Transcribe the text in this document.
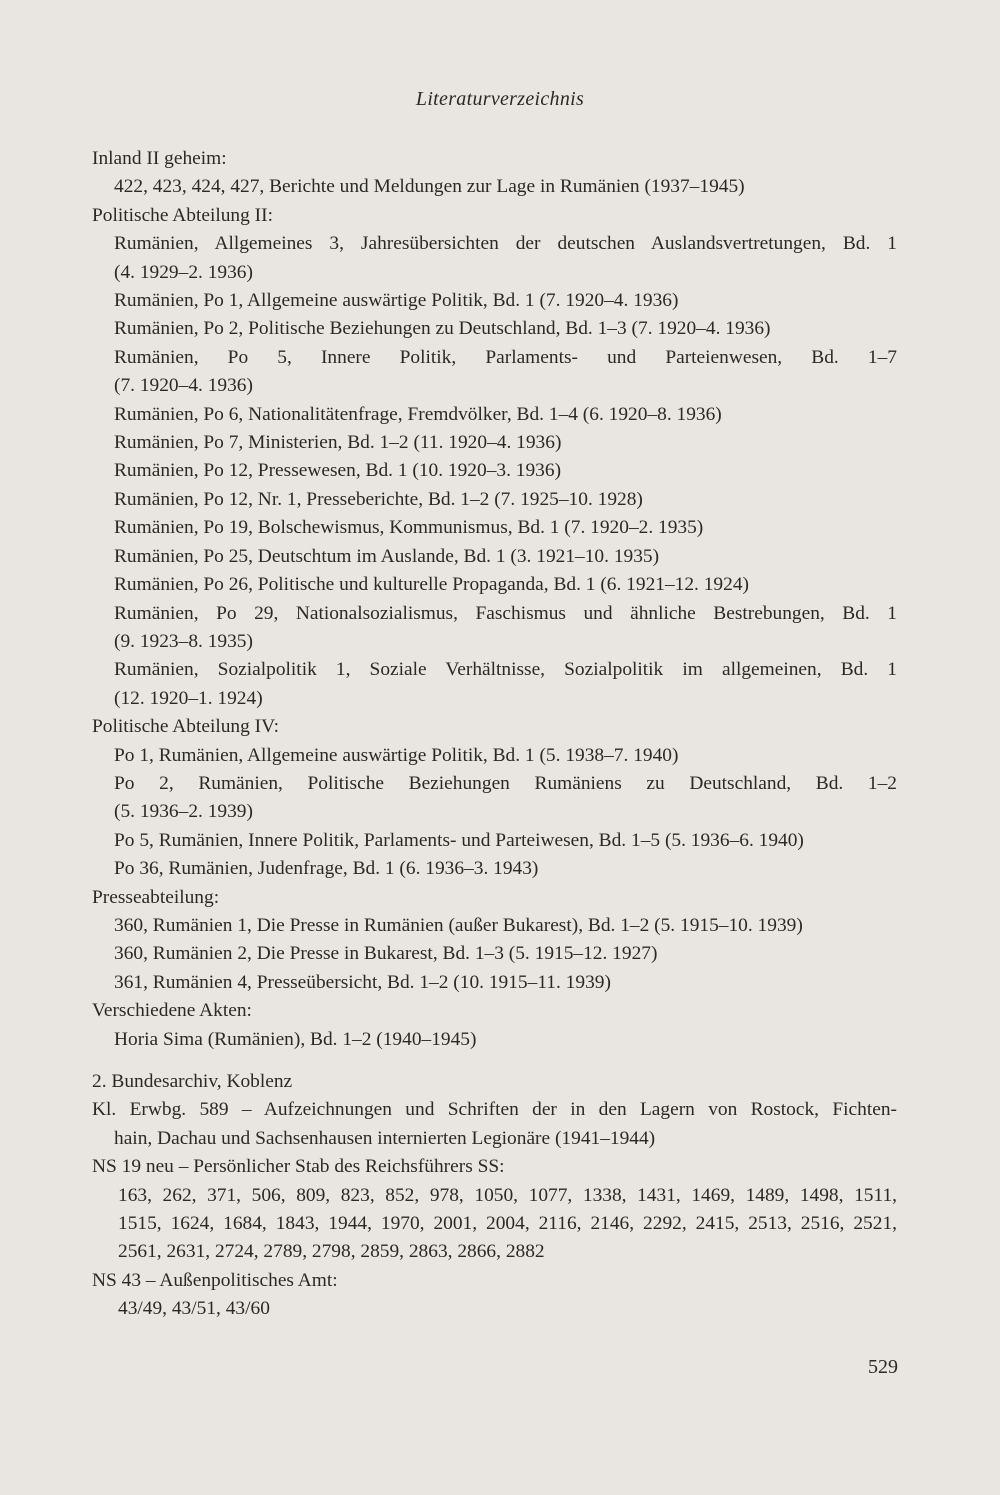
Literaturverzeichnis
Inland II geheim:
422, 423, 424, 427, Berichte und Meldungen zur Lage in Rumänien (1937–1945)
Politische Abteilung II:
Rumänien, Allgemeines 3, Jahresübersichten der deutschen Auslandsvertretungen, Bd. 1
(4. 1929–2. 1936)
Rumänien, Po 1, Allgemeine auswärtige Politik, Bd. 1 (7. 1920–4. 1936)
Rumänien, Po 2, Politische Beziehungen zu Deutschland, Bd. 1–3 (7. 1920–4. 1936)
Rumänien, Po 5, Innere Politik, Parlaments- und Parteienwesen, Bd. 1–7
(7. 1920–4. 1936)
Rumänien, Po 6, Nationalitätenfrage, Fremdvölker, Bd. 1–4 (6. 1920–8. 1936)
Rumänien, Po 7, Ministerien, Bd. 1–2 (11. 1920–4. 1936)
Rumänien, Po 12, Pressewesen, Bd. 1 (10. 1920–3. 1936)
Rumänien, Po 12, Nr. 1, Presseberichte, Bd. 1–2 (7. 1925–10. 1928)
Rumänien, Po 19, Bolschewismus, Kommunismus, Bd. 1 (7. 1920–2. 1935)
Rumänien, Po 25, Deutschtum im Auslande, Bd. 1 (3. 1921–10. 1935)
Rumänien, Po 26, Politische und kulturelle Propaganda, Bd. 1 (6. 1921–12. 1924)
Rumänien, Po 29, Nationalsozialismus, Faschismus und ähnliche Bestrebungen, Bd. 1
(9. 1923–8. 1935)
Rumänien, Sozialpolitik 1, Soziale Verhältnisse, Sozialpolitik im allgemeinen, Bd. 1
(12. 1920–1. 1924)
Politische Abteilung IV:
Po 1, Rumänien, Allgemeine auswärtige Politik, Bd. 1 (5. 1938–7. 1940)
Po 2, Rumänien, Politische Beziehungen Rumäniens zu Deutschland, Bd. 1–2
(5. 1936–2. 1939)
Po 5, Rumänien, Innere Politik, Parlaments- und Parteiwesen, Bd. 1–5 (5. 1936–6. 1940)
Po 36, Rumänien, Judenfrage, Bd. 1 (6. 1936–3. 1943)
Presseabteilung:
360, Rumänien 1, Die Presse in Rumänien (außer Bukarest), Bd. 1–2 (5. 1915–10. 1939)
360, Rumänien 2, Die Presse in Bukarest, Bd. 1–3 (5. 1915–12. 1927)
361, Rumänien 4, Presseübersicht, Bd. 1–2 (10. 1915–11. 1939)
Verschiedene Akten:
Horia Sima (Rumänien), Bd. 1–2 (1940–1945)
2. Bundesarchiv, Koblenz
Kl. Erwbg. 589 – Aufzeichnungen und Schriften der in den Lagern von Rostock, Fichten-
hain, Dachau und Sachsenhausen internierten Legionäre (1941–1944)
NS 19 neu – Persönlicher Stab des Reichsführers SS:
163, 262, 371, 506, 809, 823, 852, 978, 1050, 1077, 1338, 1431, 1469, 1489, 1498, 1511,
1515, 1624, 1684, 1843, 1944, 1970, 2001, 2004, 2116, 2146, 2292, 2415, 2513, 2516, 2521,
2561, 2631, 2724, 2789, 2798, 2859, 2863, 2866, 2882
NS 43 – Außenpolitisches Amt:
43/49, 43/51, 43/60
529
